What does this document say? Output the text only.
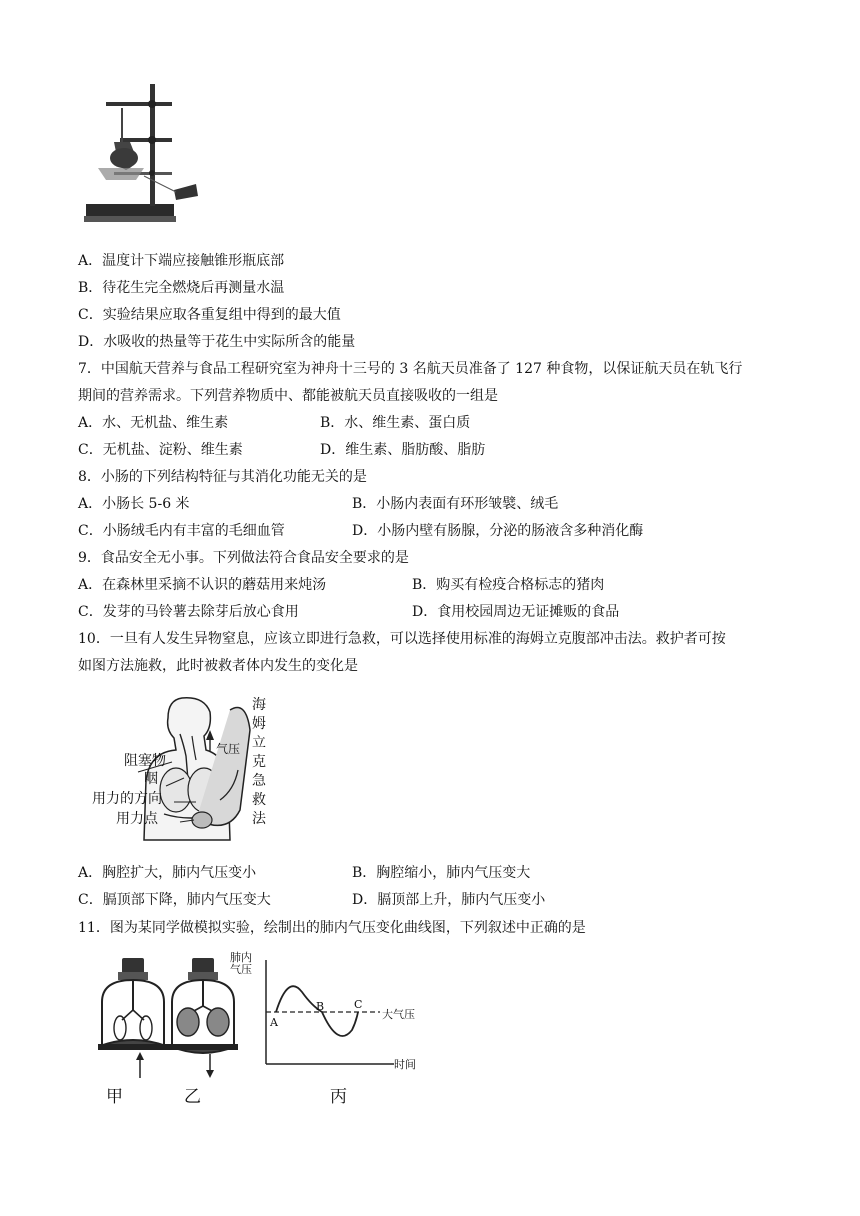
A．温度计下端应接触锥形瓶底部
B．待花生完全燃烧后再测量水温
C．实验结果应取各重复组中得到的最大值
D．水吸收的热量等于花生中实际所含的能量
7．中国航天营养与食品工程研究室为神舟十三号的 3 名航天员准备了 127 种食物，以保证航天员在轨飞行
期间的营养需求。下列营养物质中、都能被航天员直接吸收的一组是
A．水、无机盐、维生素	B．水、维生素、蛋白质
C．无机盐、淀粉、维生素	D．维生素、脂肪酸、脂肪
8．小肠的下列结构特征与其消化功能无关的是
A．小肠长 5-6 米	B．小肠内表面有环形皱襞、绒毛
C．小肠绒毛内有丰富的毛细血管	D．小肠内壁有肠腺，分泌的肠液含多种消化酶
9．食品安全无小事。下列做法符合食品安全要求的是
A．在森林里采摘不认识的蘑菇用来炖汤	B．购买有检疫合格标志的猪肉
C．发芽的马铃薯去除芽后放心食用	D．食用校园周边无证摊贩的食品
10．一旦有人发生异物窒息，应该立即进行急救，可以选择使用标准的海姆立克腹部冲击法。救护者可按
如图方法施救，此时被救者体内发生的变化是
阻塞物
咽
用力的方向
用力点
气压
海姆立克急救法
A．胸腔扩大，肺内气压变小	B．胸腔缩小，肺内气压变大
C．膈顶部下降，肺内气压变大	D．膈顶部上升，肺内气压变小
11．图为某同学做模拟实验，绘制出的肺内气压变化曲线图，下列叙述中正确的是
甲	乙	丙
肺内气压
时间
大气压
A
B	C
